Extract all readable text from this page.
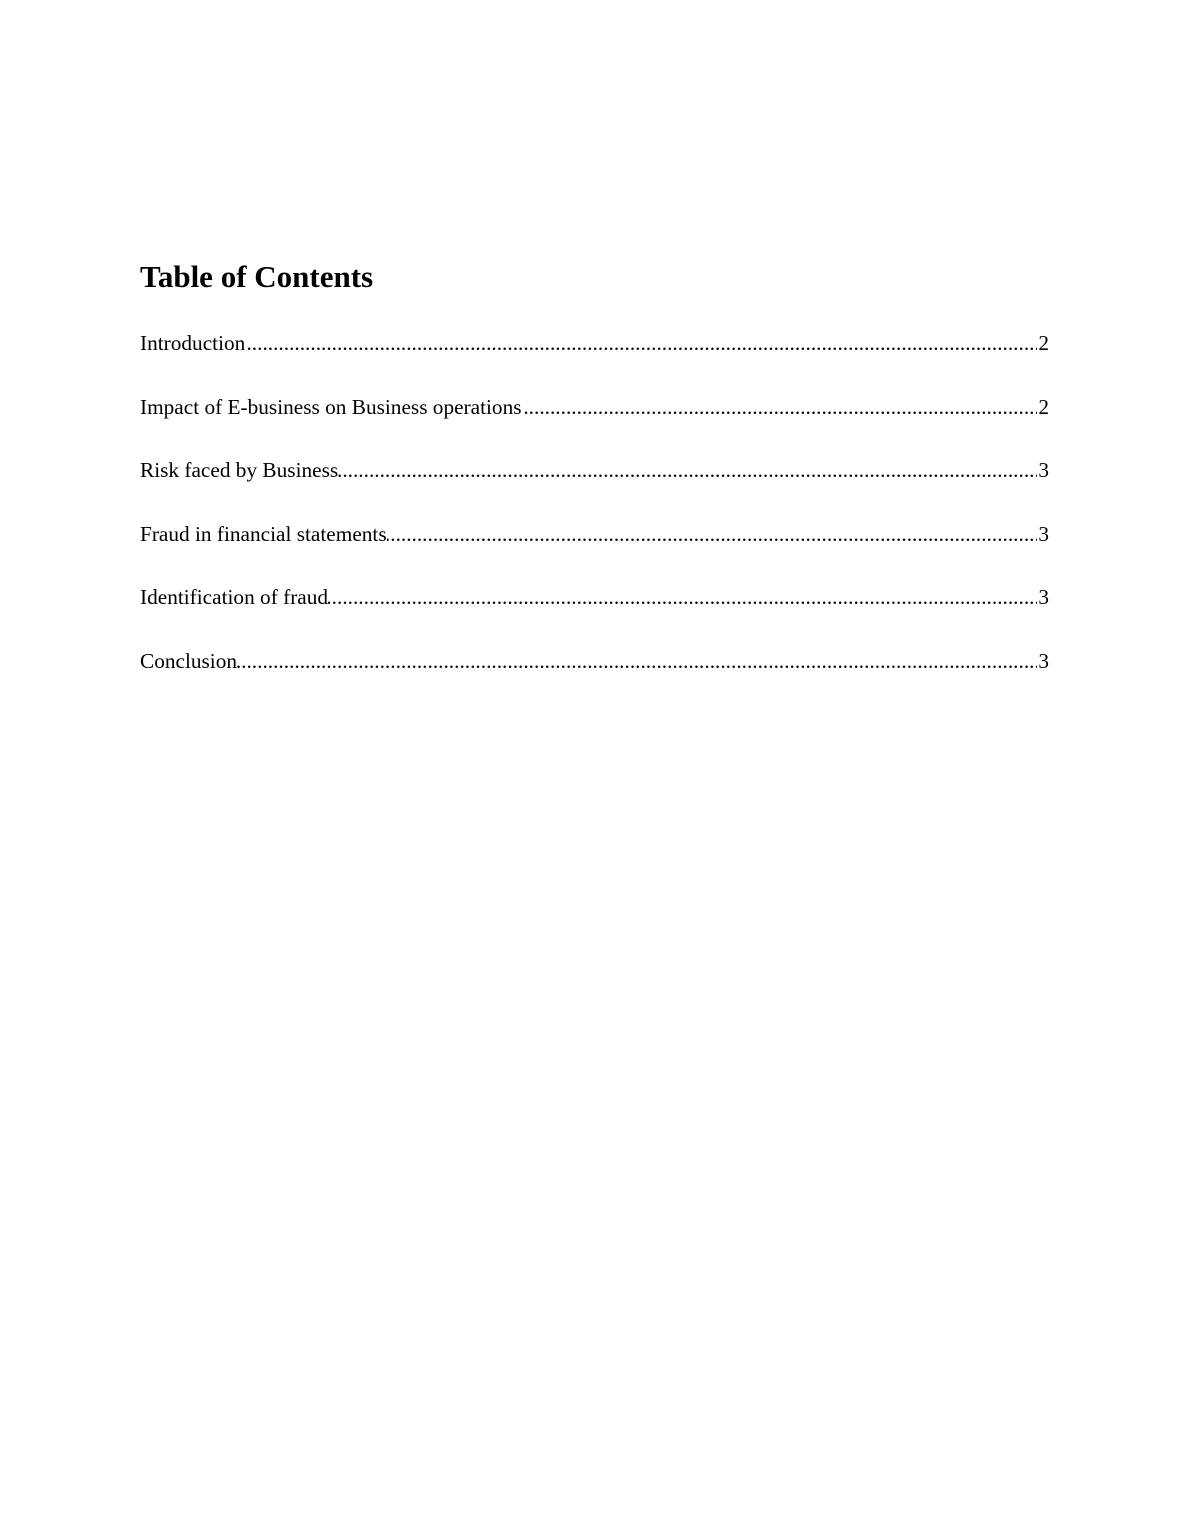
Table of Contents
..... Introduction	2
..... Impact of E-business on Business operations	2
..... Risk faced by Business	3
..... Fraud in financial statements	3
..... Identification of fraud	3
..... Conclusion	3
